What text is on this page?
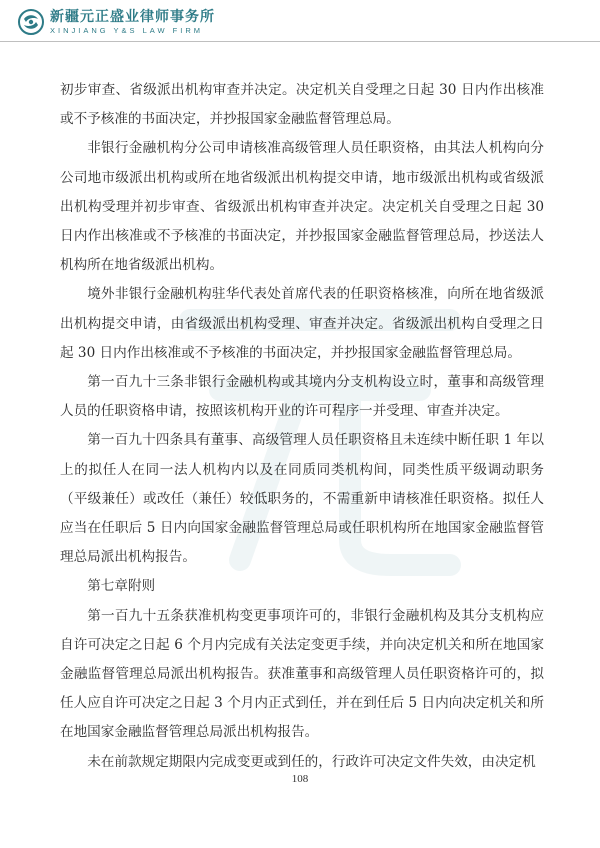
新疆元正盛业律师事务所
XINJIANG Y&S LAW FIRM

初步审查、省级派出机构审查并决定。决定机关自受理之日起 30 日内作出核准或不予核准的书面决定，并抄报国家金融监督管理总局。

非银行金融机构分公司申请核准高级管理人员任职资格，由其法人机构向分公司地市级派出机构或所在地省级派出机构提交申请，地市级派出机构或省级派出机构受理并初步审查、省级派出机构审查并决定。决定机关自受理之日起 30 日内作出核准或不予核准的书面决定，并抄报国家金融监督管理总局，抄送法人机构所在地省级派出机构。

境外非银行金融机构驻华代表处首席代表的任职资格核准，向所在地省级派出机构提交申请，由省级派出机构受理、审查并决定。省级派出机构自受理之日起 30 日内作出核准或不予核准的书面决定，并抄报国家金融监督管理总局。

第一百九十三条非银行金融机构或其境内分支机构设立时，董事和高级管理人员的任职资格申请，按照该机构开业的许可程序一并受理、审查并决定。

第一百九十四条具有董事、高级管理人员任职资格且未连续中断任职 1 年以上的拟任人在同一法人机构内以及在同质同类机构间，同类性质平级调动职务（平级兼任）或改任（兼任）较低职务的，不需重新申请核准任职资格。拟任人应当在任职后 5 日内向国家金融监督管理总局或任职机构所在地国家金融监督管理总局派出机构报告。

第七章附则

第一百九十五条获准机构变更事项许可的，非银行金融机构及其分支机构应自许可决定之日起 6 个月内完成有关法定变更手续，并向决定机关和所在地国家金融监督管理总局派出机构报告。获准董事和高级管理人员任职资格许可的，拟任人应自许可决定之日起 3 个月内正式到任，并在到任后 5 日内向决定机关和所在地国家金融监督管理总局派出机构报告。

未在前款规定期限内完成变更或到任的，行政许可决定文件失效，由决定机

108
